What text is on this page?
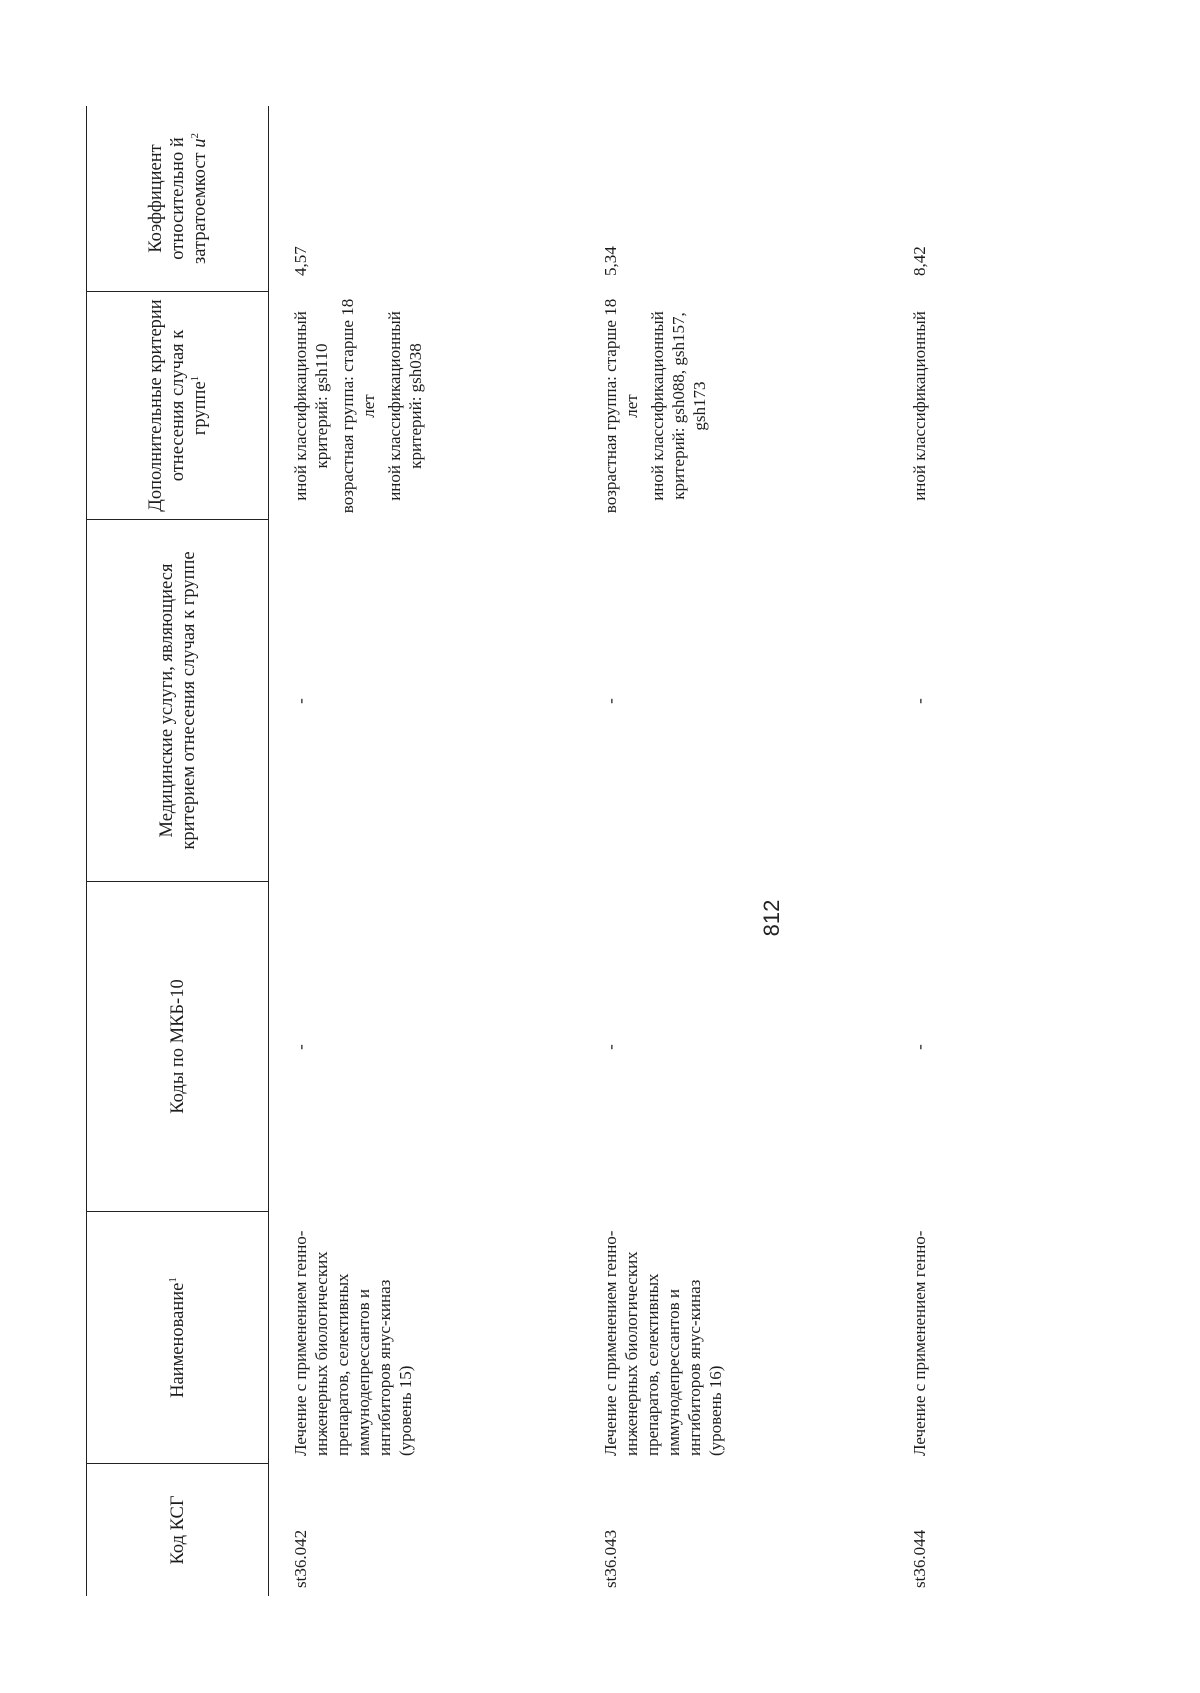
812
Код КСГ
Наименование$^1$
Коды по МКБ-10
Медицинские услуги, являющиеся критерием отнесения случая к группе
Дополнительные критерии отнесения случая к группе$^1$
Коэффициент относительно й затратоемкост $и^2$
st36.042
Лечение с применением генно-инженерных биологических препаратов, селективных иммунодепрессантов и ингибиторов янус-киназ (уровень 15)
-
-
иной классификационный критерий: gsh110 возрастная группа: старше 18 лет иной классификационный критерий: gsh038
4,57
st36.043
Лечение с применением генно-инженерных биологических препаратов, селективных иммунодепрессантов и ингибиторов янус-киназ (уровень 16)
-
-
возрастная группа: старше 18 лет иной классификационный критерий: gsh088, gsh157, gsh173
5,34
st36.044
Лечение с применением генно-
-
-
иной классификационный
8,42
